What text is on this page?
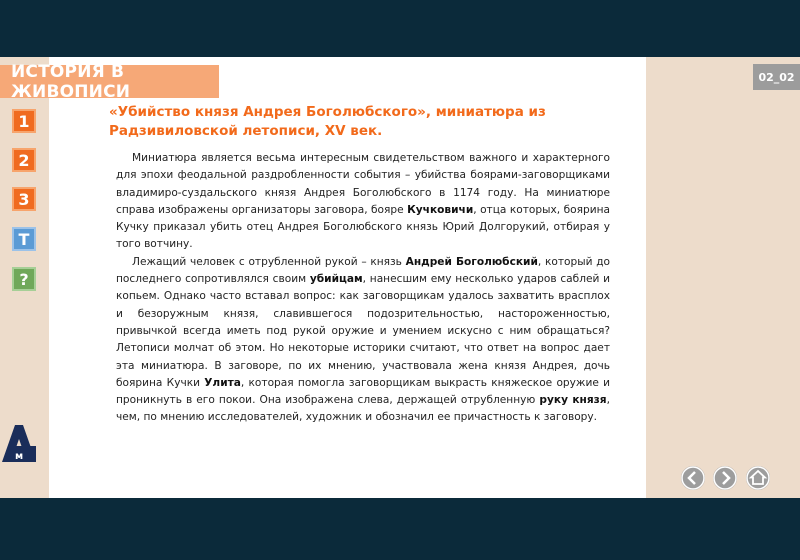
«Убийство князя Андрея Боголюбского», миниатюра из Радзивиловской летописи, XV век.

Миниатюра является весьма интересным свидетельством важного и характерного для эпохи феодальной раздробленности события – убийства боярами-заговорщиками владимиро-суздальского князя Андрея Боголюбского в 1174 году. На миниатюре справа изображены организаторы заговора, бояре Кучковичи, отца которых, боярина Кучку приказал убить отец Андрея Боголюбского князь Юрий Долгорукий, отбирая у того вотчину.

Лежащий человек с отрубленной рукой – князь Андрей Боголюбский, который до последнего сопротивлялся своим убийцам, нанесшим ему несколько ударов саблей и копьем. Однако часто вставал вопрос: как заговорщикам удалось захватить врасплох и безоружным князя, славившегося подозрительностью, настороженностью, привычкой всегда иметь под рукой оружие и умением искусно с ним обращаться? Летописи молчат об этом. Но некоторые историки считают, что ответ на вопрос дает эта миниатюра. В заговоре, по их мнению, участвовала жена князя Андрея, дочь боярина Кучки Улита, которая помогла заговорщикам выкрасть княжеское оружие и проникнуть в его покои. Она изображена слева, держащей отрубленную руку князя, чем, по мнению исследователей, художник и обозначил ее причастность к заговору.

ИСТОРИЯ В ЖИВОПИСИ
02_02
1
2
3
Т
?
м
